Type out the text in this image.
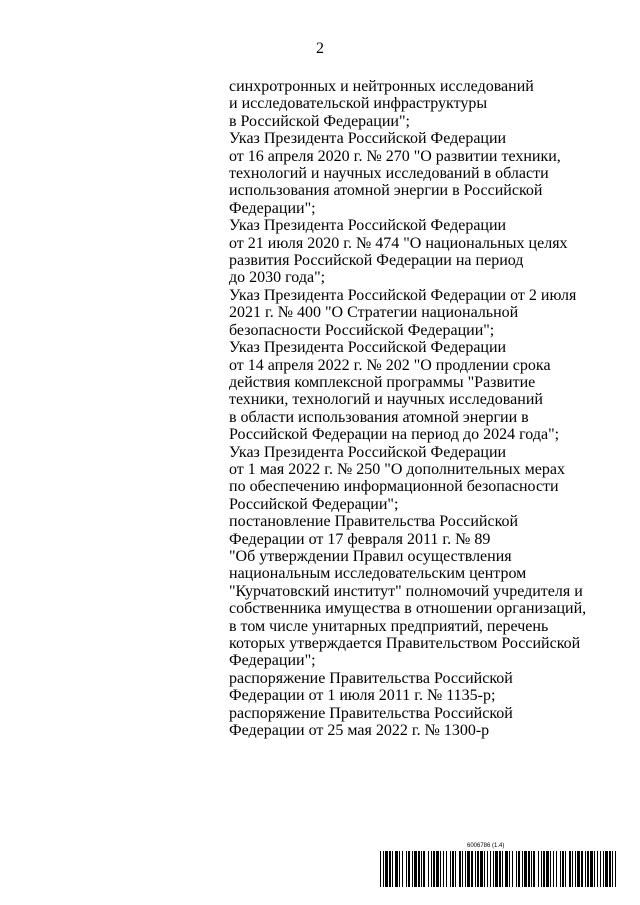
2
синхротронных и нейтронных исследований
и исследовательской инфраструктуры
в Российской Федерации";
Указ Президента Российской Федерации
от 16 апреля 2020 г. № 270 "О развитии техники,
технологий и научных исследований в области
использования атомной энергии в Российской
Федерации";
Указ Президента Российской Федерации
от 21 июля 2020 г. № 474 "О национальных целях
развития Российской Федерации на период
до 2030 года";
Указ Президента Российской Федерации от 2 июля
2021 г. № 400 "О Стратегии национальной
безопасности Российской Федерации";
Указ Президента Российской Федерации
от 14 апреля 2022 г. № 202 "О продлении срока
действия комплексной программы "Развитие
техники, технологий и научных исследований
в области использования атомной энергии в
Российской Федерации на период до 2024 года";
Указ Президента Российской Федерации
от 1 мая 2022 г. № 250 "О дополнительных мерах
по обеспечению информационной безопасности
Российской Федерации";
постановление Правительства Российской
Федерации от 17 февраля 2011 г. № 89
"Об утверждении Правил осуществления
национальным исследовательским центром
"Курчатовский институт" полномочий учредителя и
собственника имущества в отношении организаций,
в том числе унитарных предприятий, перечень
которых утверждается Правительством Российской
Федерации";
распоряжение Правительства Российской
Федерации от 1 июля 2011 г. № 1135-р;
распоряжение Правительства Российской
Федерации от 25 мая 2022 г. № 1300-р
6006786 (1.4)
